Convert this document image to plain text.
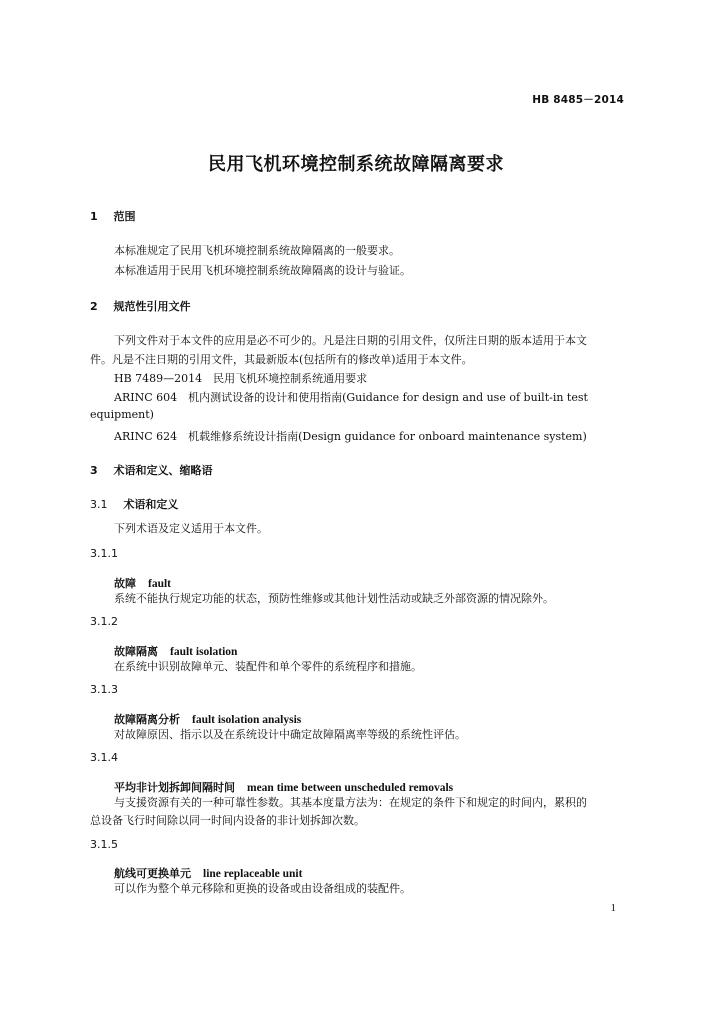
HB 8485－2014
民用飞机环境控制系统故障隔离要求
1 范围
本标准规定了民用飞机环境控制系统故障隔离的一般要求。
本标准适用于民用飞机环境控制系统故障隔离的设计与验证。
2 规范性引用文件
下列文件对于本文件的应用是必不可少的。凡是注日期的引用文件，仅所注日期的版本适用于本文
件。凡是不注日期的引用文件，其最新版本(包括所有的修改单)适用于本文件。
HB 7489—2014　民用飞机环境控制系统通用要求
ARINC 604　机内测试设备的设计和使用指南(Guidance for design and use of built-in test
equipment)
ARINC 624　机载维修系统设计指南(Design guidance for onboard maintenance system)
3 术语和定义、缩略语
3.1 术语和定义
下列术语及定义适用于本文件。
3.1.1
故障 fault
系统不能执行规定功能的状态，预防性维修或其他计划性活动或缺乏外部资源的情况除外。
3.1.2
故障隔离 fault isolation
在系统中识别故障单元、装配件和单个零件的系统程序和措施。
3.1.3
故障隔离分析 fault isolation analysis
对故障原因、指示以及在系统设计中确定故障隔离率等级的系统性评估。
3.1.4
平均非计划拆卸间隔时间 mean time between unscheduled removals
与支援资源有关的一种可靠性参数。其基本度量方法为：在规定的条件下和规定的时间内，累积的
总设备飞行时间除以同一时间内设备的非计划拆卸次数。
3.1.5
航线可更换单元 line replaceable unit
可以作为整个单元移除和更换的设备或由设备组成的装配件。
1
